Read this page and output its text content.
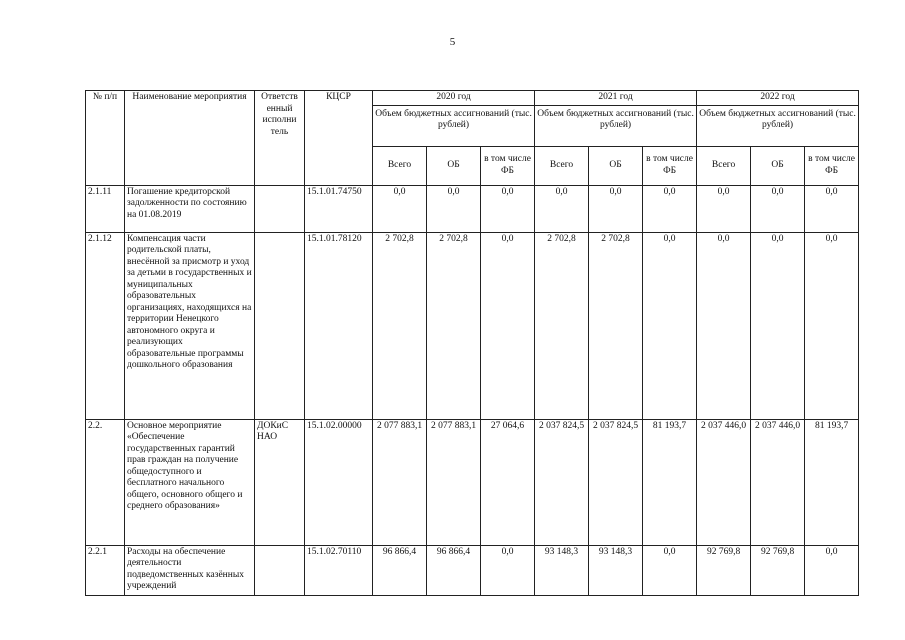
5
№ п/п	Наименование мероприятия	Ответств енный исполни тель	КЦСР	2020 год			2021 год			2022 год		
				Объем бюджетных ассигнований (тыс. рублей)			Объем бюджетных ассигнований (тыс. рублей)			Объем бюджетных ассигнований (тыс. рублей)		
				Всего	ОБ	в том числе ФБ	Всего	ОБ	в том числе ФБ	Всего	ОБ	в том числе ФБ
2.1.11	Погашение кредиторской задолженности по состоянию на 01.08.2019		15.1.01.74750	0,0	0,0	0,0	0,0	0,0	0,0	0,0	0,0	0,0
2.1.12	Компенсация части родительской платы, внесённой за присмотр и уход за детьми в государственных и муниципальных образовательных организациях, находящихся на территории Ненецкого автономного округа и реализующих образовательные программы дошкольного образования		15.1.01.78120	2 702,8	2 702,8	0,0	2 702,8	2 702,8	0,0	0,0	0,0	0,0
2.2.	Основное мероприятие «Обеспечение государственных гарантий прав граждан на получение общедоступного и бесплатного начального общего, основного общего и среднего образования»	ДОКиС НАО	15.1.02.00000	2 077 883,1	2 077 883,1	27 064,6	2 037 824,5	2 037 824,5	81 193,7	2 037 446,0	2 037 446,0	81 193,7
2.2.1	Расходы на обеспечение деятельности подведомственных казённых учреждений		15.1.02.70110	96 866,4	96 866,4	0,0	93 148,3	93 148,3	0,0	92 769,8	92 769,8	0,0
